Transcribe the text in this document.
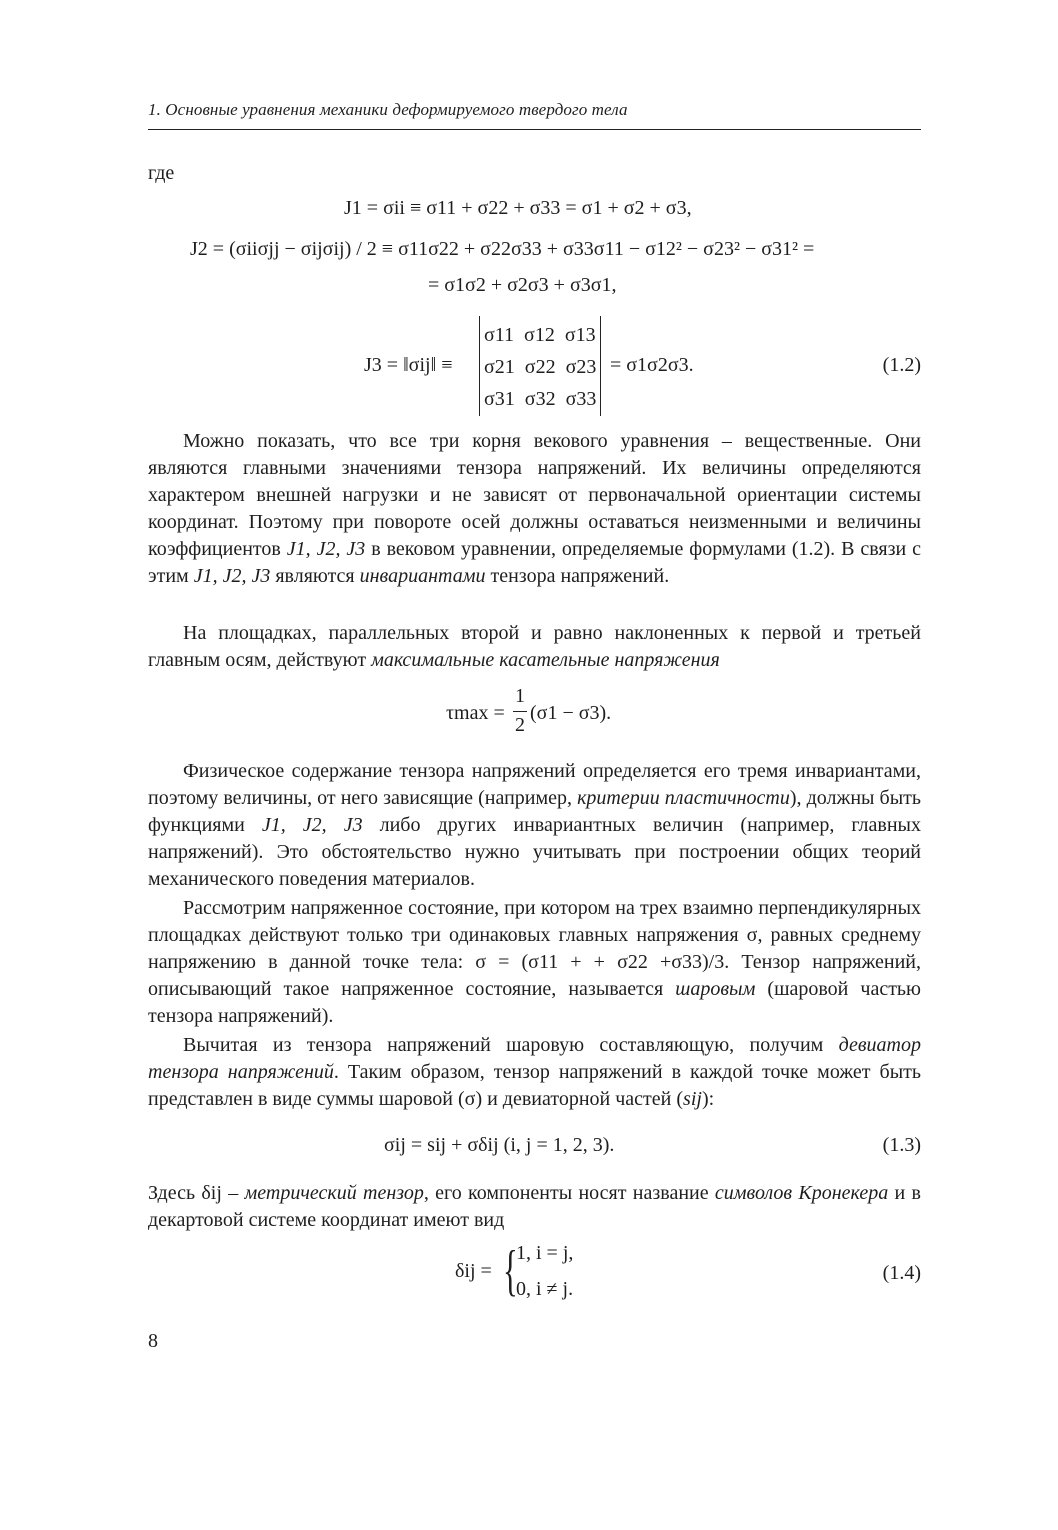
1. Основные уравнения механики деформируемого твердого тела
где
J1 = σii ≡ σ11 + σ22 + σ33 = σ1 + σ2 + σ3,
J2 = (σiiσjj − σijσij) / 2 ≡ σ11σ22 + σ22σ33 + σ33σ11 − σ12² − σ23² − σ31² =
= σ1σ2 + σ2σ3 + σ3σ1,
J3 = ‖σij‖ ≡
σ11 σ12 σ13
σ21 σ22 σ23
σ31 σ32 σ33
= σ1σ2σ3.	(1.2)
Можно показать, что все три корня векового уравнения – вещественные. Они являются главными значениями тензора напряжений. Их величины определяются характером внешней нагрузки и не зависят от первоначальной ориентации системы координат. Поэтому при повороте осей должны оставаться неизменными и величины коэффициентов J1, J2, J3 в вековом уравнении, определяемые формулами (1.2). В связи с этим J1, J2, J3 являются инвариантами тензора напряжений.
На площадках, параллельных второй и равно наклоненных к первой и третьей главным осям, действуют максимальные касательные напряжения
τmax =
1
2
(σ1 − σ3).
Физическое содержание тензора напряжений определяется его тремя инвариантами, поэтому величины, от него зависящие (например, критерии пластичности), должны быть функциями J1, J2, J3 либо других инвариантных величин (например, главных напряжений). Это обстоятельство нужно учитывать при построении общих теорий механического поведения материалов.
Рассмотрим напряженное состояние, при котором на трех взаимно перпендикулярных площадках действуют только три одинаковых главных напряжения σ, равных среднему напряжению в данной точке тела: σ = (σ11 + + σ22 +σ33)/3. Тензор напряжений, описывающий такое напряженное состояние, называется шаровым (шаровой частью тензора напряжений).
Вычитая из тензора напряжений шаровую составляющую, получим девиатор тензора напряжений. Таким образом, тензор напряжений в каждой точке может быть представлен в виде суммы шаровой (σ) и девиаторной частей (sij):
σij = sij + σδij (i, j = 1, 2, 3).	(1.3)
Здесь δij – метрический тензор, его компоненты носят название символов Кронекера и в декартовой системе координат имеют вид
δij = {
1, i = j,
0, i ≠ j.
(1.4)
8
